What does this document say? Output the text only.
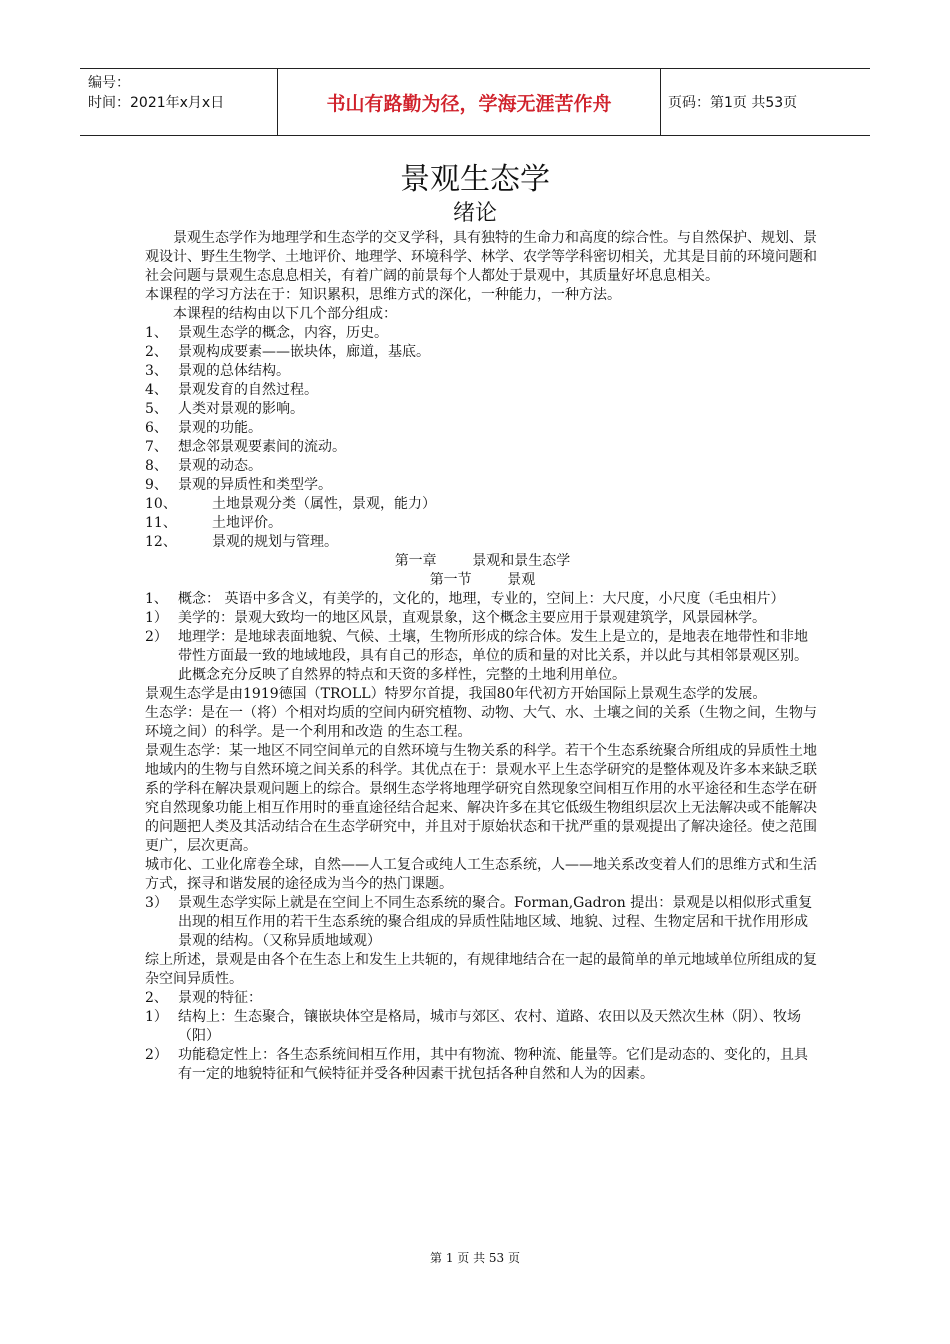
编号：
时间：2021年x月x日	书山有路勤为径，学海无涯苦作舟	页码：第1页 共53页
景观生态学
绪论

景观生态学作为地理学和生态学的交叉学科，具有独特的生命力和高度的综合性。与自然保护、规划、景观设计、野生生物学、土地评价、地理学、环境科学、林学、农学等学科密切相关，尤其是目前的环境问题和社会问题与景观生态息息相关，有着广阔的前景每个人都处于景观中，其质量好坏息息相关。

本课程的学习方法在于：知识累积，思维方式的深化，一种能力，一种方法。

本课程的结构由以下几个部分组成：

1、 景观生态学的概念，内容，历史。
2、 景观构成要素——嵌块体，廊道，基底。
3、 景观的总体结构。
4、 景观发育的自然过程。
5、 人类对景观的影响。
6、 景观的功能。
7、 想念邻景观要素间的流动。
8、 景观的动态。
9、 景观的异质性和类型学。
10、	土地景观分类（属性，景观，能力）
11、	土地评价。
12、	景观的规划与管理。

第一章        景观和景生态学

第一节        景观

1、 概念： 英语中多含义，有美学的，文化的，地理，专业的，空间上：大尺度，小尺度（毛虫相片）
1） 美学的：景观大致均一的地区风景，直观景象，这个概念主要应用于景观建筑学，风景园林学。
2） 地理学：是地球表面地貌、气候、土壤，生物所形成的综合体。发生上是立的，是地表在地带性和非地带性方面最一致的地域地段，具有自己的形态，单位的质和量的对比关系，并以此与其相邻景观区别。此概念充分反映了自然界的特点和天资的多样性，完整的土地利用单位。

景观生态学是由1919德国（TROLL）特罗尔首提，我国80年代初方开始国际上景观生态学的发展。

生态学：是在一（将）个相对均质的空间内研究植物、动物、大气、水、土壤之间的关系（生物之间，生物与环境之间）的科学。是一个利用和改造 的生态工程。

景观生态学：某一地区不同空间单元的自然环境与生物关系的科学。若干个生态系统聚合所组成的异质性土地地域内的生物与自然环境之间关系的科学。其优点在于：景观水平上生态学研究的是整体观及许多本来缺乏联系的学科在解决景观问题上的综合。景纲生态学将地理学研究自然现象空间相互作用的水平途径和生态学在研究自然现象功能上相互作用时的垂直途径结合起来、解决许多在其它低级生物组织层次上无法解决或不能解决的问题把人类及其活动结合在生态学研究中，并且对于原始状态和干扰严重的景观提出了解决途径。使之范围更广，层次更高。

城市化、工业化席卷全球，自然——人工复合或纯人工生态系统，人——地关系改变着人们的思维方式和生活方式，探寻和谐发展的途径成为当今的热门课题。

3） 景观生态学实际上就是在空间上不同生态系统的聚合。Forman,Gadron 提出：景观是以相似形式重复出现的相互作用的若干生态系统的聚合组成的异质性陆地区域、地貌、过程、生物定居和干扰作用形成景观的结构。（又称异质地域观）

综上所述，景观是由各个在生态上和发生上共轭的，有规律地结合在一起的最简单的单元地域单位所组成的复杂空间异质性。

2、 景观的特征：
1） 结构上：生态聚合，镶嵌块体空是格局，城市与郊区、农村、道路、农田以及天然次生林（阴）、牧场（阳）
2） 功能稳定性上：各生态系统间相互作用，其中有物流、物种流、能量等。它们是动态的、变化的，且具有一定的地貌特征和气候特征并受各种因素干扰包括各种自然和人为的因素。
第 1 页 共 53 页
